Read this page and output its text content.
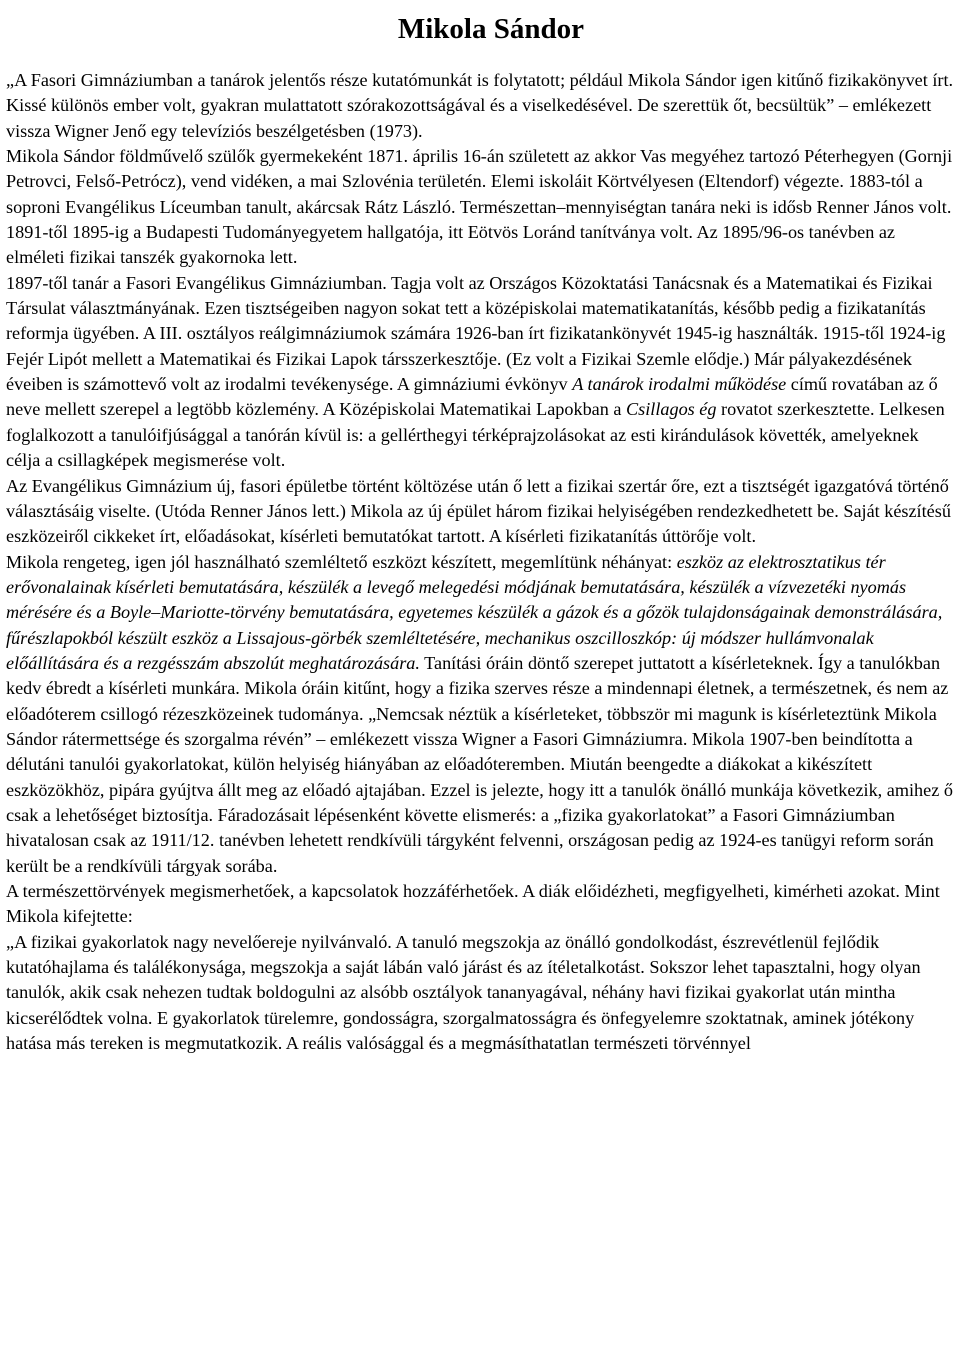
Mikola Sándor

„A Fasori Gimnáziumban a tanárok jelentős része kutatómunkát is folytatott; például Mikola Sándor igen kitűnő fizikakönyvet írt. Kissé különös ember volt, gyakran mulattatott szórakozottságával és a viselkedésével. De szerettük őt, becsültük” – emlékezett vissza Wigner Jenő egy televíziós beszélgetésben (1973).

Mikola Sándor földművelő szülők gyermekeként 1871. április 16-án született az akkor Vas megyéhez tartozó Péterhegyen (Gornji Petrovci, Felső-Petrócz), vend vidéken, a mai Szlovénia területén. Elemi iskoláit Körtvélyesen (Eltendorf) végezte. 1883-tól a soproni Evangélikus Líceumban tanult, akárcsak Rátz László. Természettan–mennyiségtan tanára neki is idősb Renner János volt. 1891-től 1895-ig a Budapesti Tudományegyetem hallgatója, itt Eötvös Loránd tanítványa volt. Az 1895/96-os tanévben az elméleti fizikai tanszék gyakornoka lett.

1897-től tanár a Fasori Evangélikus Gimnáziumban. Tagja volt az Országos Közoktatási Tanácsnak és a Matematikai és Fizikai Társulat választmányának. Ezen tisztségeiben nagyon sokat tett a középiskolai matematikatanítás, később pedig a fizikatanítás reformja ügyében. A III. osztályos reálgimnáziumok számára 1926-ban írt fizikatankönyvét 1945-ig használták. 1915-től 1924-ig Fejér Lipót mellett a Matematikai és Fizikai Lapok társszerkesztője. (Ez volt a Fizikai Szemle elődje.) Már pályakezdésének éveiben is számottevő volt az irodalmi tevékenysége. A gimnáziumi évkönyv A tanárok irodalmi működése című rovatában az ő neve mellett szerepel a legtöbb közlemény. A Középiskolai Matematikai Lapokban a Csillagos ég rovatot szerkesztette. Lelkesen foglalkozott a tanulóifjúsággal a tanórán kívül is: a gellérthegyi térképrajzolásokat az esti kirándulások követték, amelyeknek célja a csillagképek megismerése volt.

Az Evangélikus Gimnázium új, fasori épületbe történt költözése után ő lett a fizikai szertár őre, ezt a tisztségét igazgatóvá történő választásáig viselte. (Utóda Renner János lett.) Mikola az új épület három fizikai helyiségében rendezkedhetett be. Saját készítésű eszközeiről cikkeket írt, előadásokat, kísérleti bemutatókat tartott. A kísérleti fizikatanítás úttörője volt.

Mikola rengeteg, igen jól használható szemléltető eszközt készített, megemlítünk néhányat: eszköz az elektrosztatikus tér erővonalainak kísérleti bemutatására, készülék a levegő melegedési módjának bemutatására, készülék a vízvezetéki nyomás mérésére és a Boyle–Mariotte-törvény bemutatására, egyetemes készülék a gázok és a gőzök tulajdonságainak demonstrálására, fűrészlapokból készült eszköz a Lissajous-görbék szemléltetésére, mechanikus oszcilloszkóp: új módszer hullámvonalak előállítására és a rezgésszám abszolút meghatározására. Tanítási óráin döntő szerepet juttatott a kísérleteknek. Így a tanulókban kedv ébredt a kísérleti munkára. Mikola óráin kitűnt, hogy a fizika szerves része a mindennapi életnek, a természetnek, és nem az előadóterem csillogó rézeszközeinek tudománya. „Nemcsak néztük a kísérleteket, többször mi magunk is kísérleteztünk Mikola Sándor rátermettsége és szorgalma révén” – emlékezett vissza Wigner a Fasori Gimnáziumra. Mikola 1907-ben beindította a délutáni tanulói gyakorlatokat, külön helyiség hiányában az előadóteremben. Miután beengedte a diákokat a kikészített eszközökhöz, pipára gyújtva állt meg az előadó ajtajában. Ezzel is jelezte, hogy itt a tanulók önálló munkája következik, amihez ő csak a lehetőséget biztosítja. Fáradozásait lépésenként követte elismerés: a „fizika gyakorlatokat” a Fasori Gimnáziumban hivatalosan csak az 1911/12. tanévben lehetett rendkívüli tárgyként felvenni, országosan pedig az 1924-es tanügyi reform során került be a rendkívüli tárgyak sorába.

A természettörvények megismerhetőek, a kapcsolatok hozzáférhetőek. A diák előidézheti, megfigyelheti, kimérheti azokat. Mint Mikola kifejtette:

„A fizikai gyakorlatok nagy nevelőereje nyilvánvaló. A tanuló megszokja az önálló gondolkodást, észrevétlenül fejlődik kutatóhajlama és találékonysága, megszokja a saját lábán való járást és az ítéletalkotást. Sokszor lehet tapasztalni, hogy olyan tanulók, akik csak nehezen tudtak boldogulni az alsóbb osztályok tananyagával, néhány havi fizikai gyakorlat után mintha kicserélődtek volna. E gyakorlatok türelemre, gondosságra, szorgalmatosságra és önfegyelemre szoktatnak, aminek jótékony hatása más tereken is megmutatkozik. A reális valósággal és a megmásíthatatlan természeti törvénnyel
